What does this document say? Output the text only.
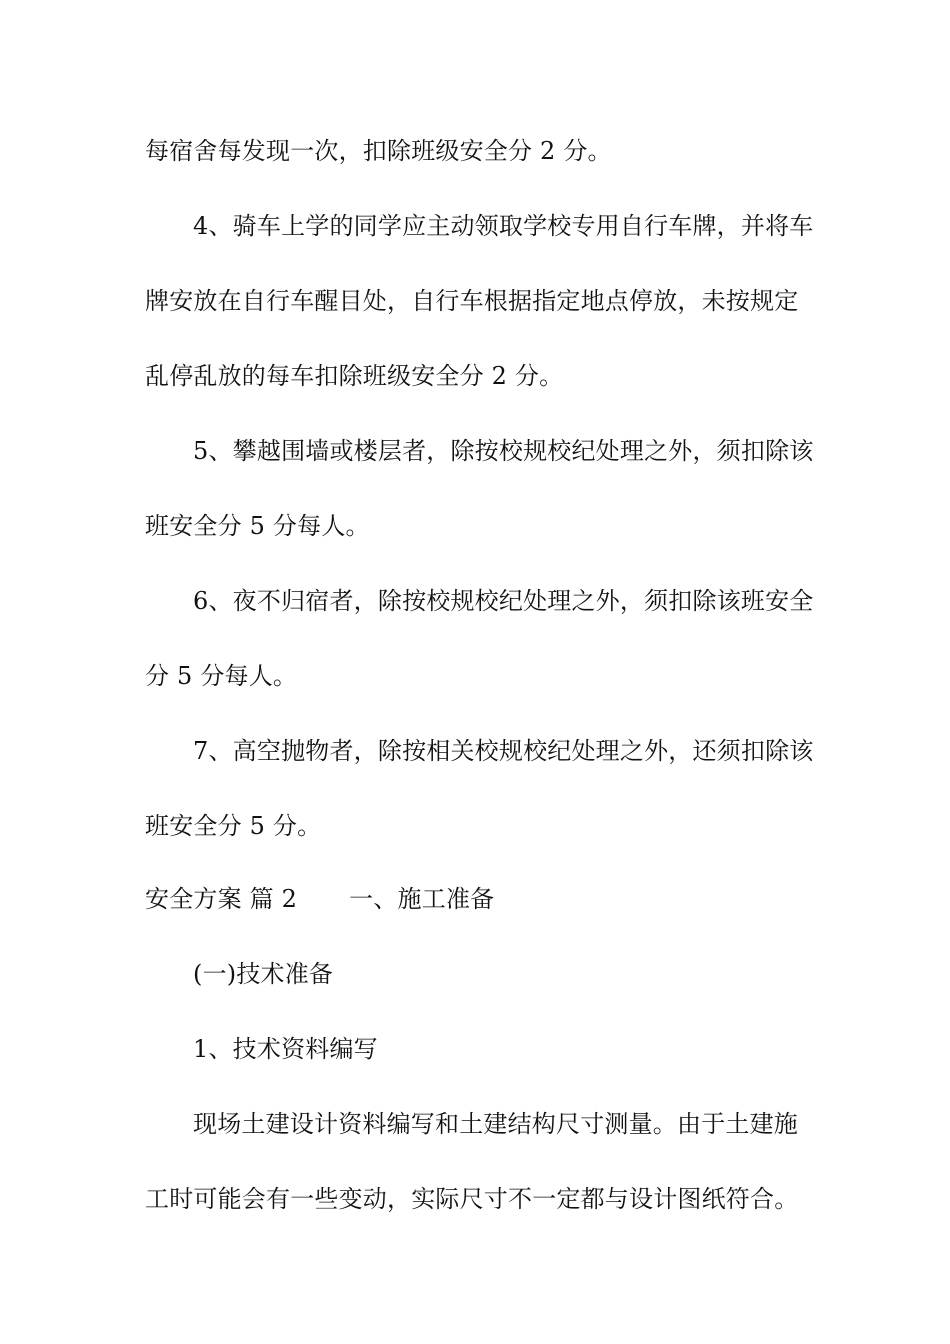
每宿舍每发现一次，扣除班级安全分 2 分。
4、骑车上学的同学应主动领取学校专用自行车牌，并将车
牌安放在自行车醒目处，自行车根据指定地点停放，未按规定
乱停乱放的每车扣除班级安全分 2 分。
5、攀越围墙或楼层者，除按校规校纪处理之外，须扣除该
班安全分 5 分每人。
6、夜不归宿者，除按校规校纪处理之外，须扣除该班安全
分 5 分每人。
7、高空抛物者，除按相关校规校纪处理之外，还须扣除该
班安全分 5 分。
安全方案 篇 2 一、施工准备
(一)技术准备
1、技术资料编写
现场土建设计资料编写和土建结构尺寸测量。由于土建施
工时可能会有一些变动，实际尺寸不一定都与设计图纸符合。
